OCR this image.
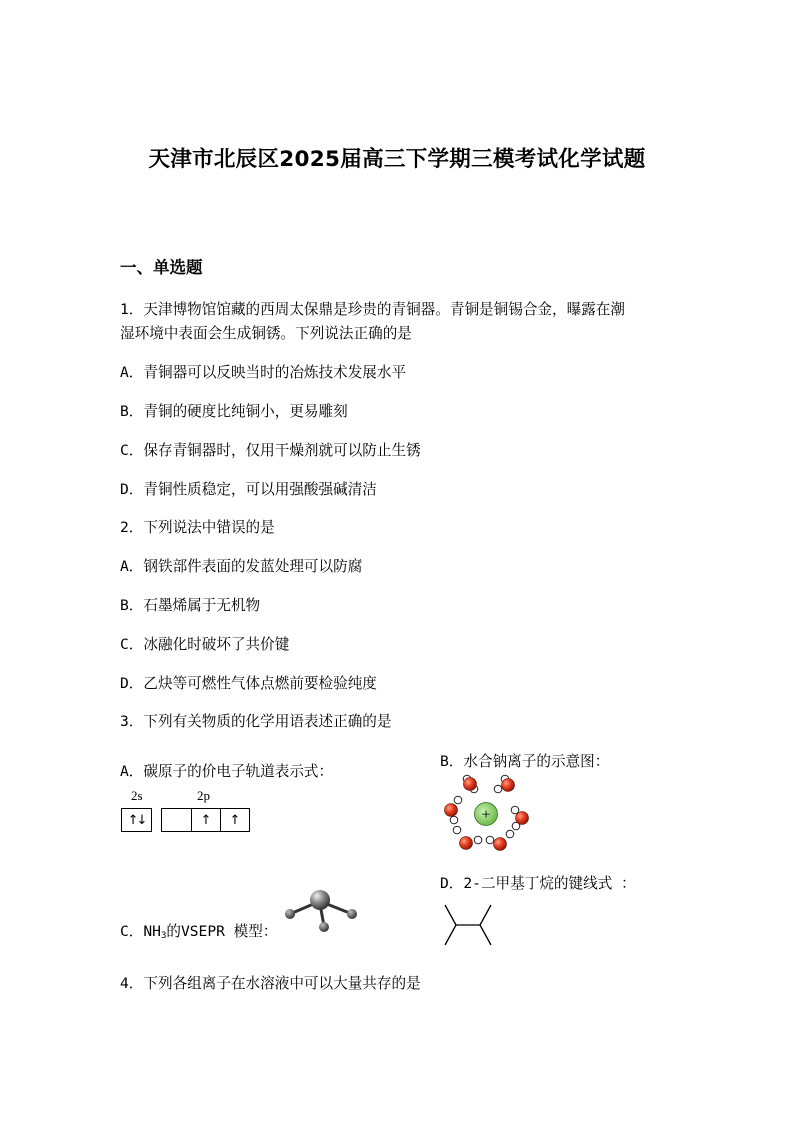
天津市北辰区2025届高三下学期三模考试化学试题
一、单选题
1．天津博物馆馆藏的西周太保鼎是珍贵的青铜器。青铜是铜锡合金，曝露在潮
湿环境中表面会生成铜锈。下列说法正确的是
A．青铜器可以反映当时的冶炼技术发展水平
B．青铜的硬度比纯铜小，更易雕刻
C．保存青铜器时，仅用干燥剂就可以防止生锈
D．青铜性质稳定，可以用强酸强碱清洁
2．下列说法中错误的是
A．钢铁部件表面的发蓝处理可以防腐
B．石墨烯属于无机物
C．冰融化时破坏了共价键
D．乙炔等可燃性气体点燃前要检验纯度
3．下列有关物质的化学用语表述正确的是
A．碳原子的价电子轨道表示式：
B．水合钠离子的示意图：
2s	2p
↑↓	↑ ↑	+
D．2-二甲基丁烷的键线式 ：
C．$NH_3$的VSEPR 模型：
4．下列各组离子在水溶液中可以大量共存的是
